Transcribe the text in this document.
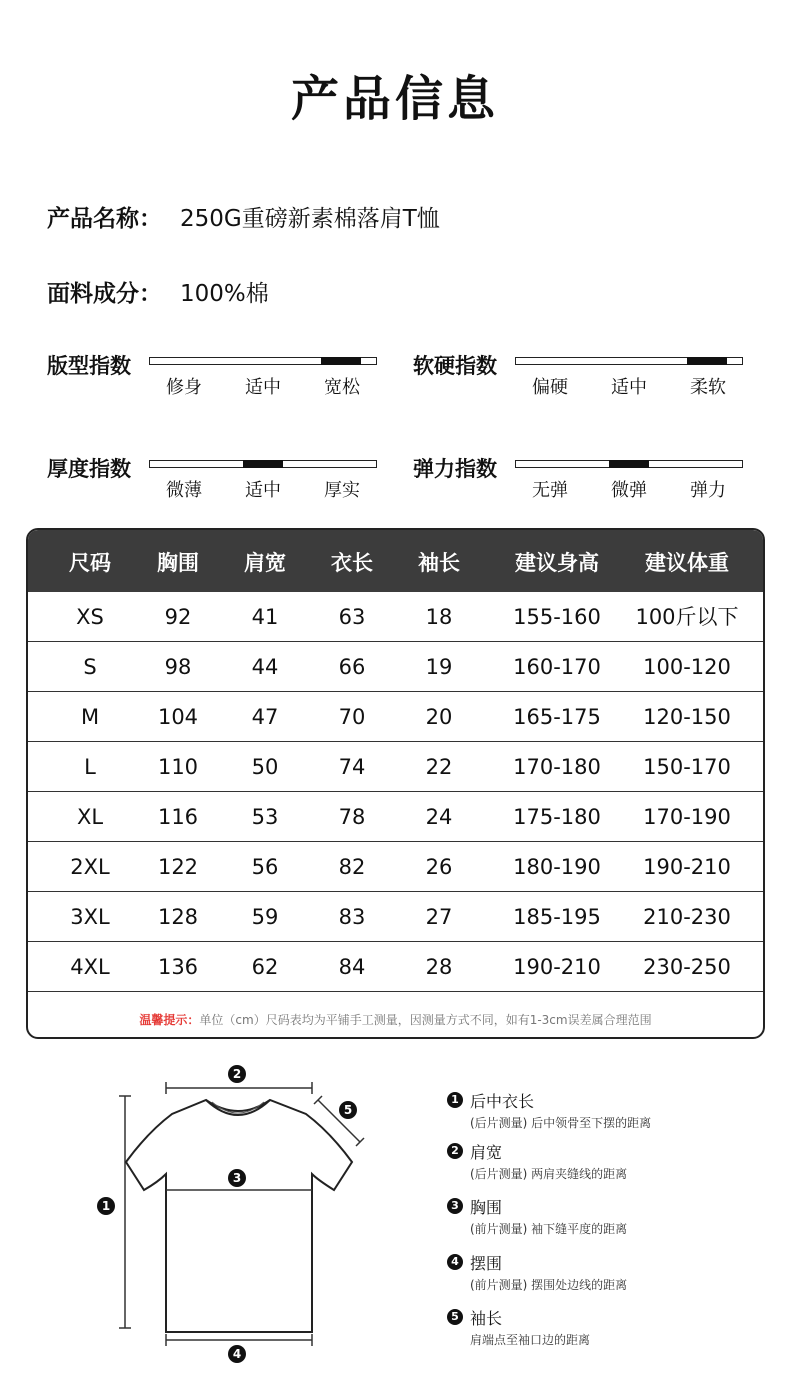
产品信息
产品名称： 250G重磅新素棉落肩T恤
面料成分： 100%棉
版型指数
修身	适中	宽松
软硬指数
偏硬	适中	柔软
厚度指数
微薄	适中	厚实
弹力指数
无弹	微弹	弹力
尺码	胸围	肩宽	衣长	袖长	建议身高	建议体重
XS	92	41	63	18	155-160	100斤以下
S	98	44	66	19	160-170	100-120
M	104	47	70	20	165-175	120-150
L	110	50	74	22	170-180	150-170
XL	116	53	78	24	175-180	170-190
2XL	122	56	82	26	180-190	190-210
3XL	128	59	83	27	185-195	210-230
4XL	136	62	84	28	190-210	230-250
温馨提示：单位（cm）尺码表均为平铺手工测量，因测量方式不同，如有1-3cm误差属合理范围
2
1
3
5
4
1 后中衣长
(后片测量) 后中领骨至下摆的距离
2 肩宽
(后片测量) 两肩夹缝线的距离
3 胸围
(前片测量) 袖下缝平度的距离
4 摆围
(前片测量) 摆围处边线的距离
5 袖长
肩端点至袖口边的距离
